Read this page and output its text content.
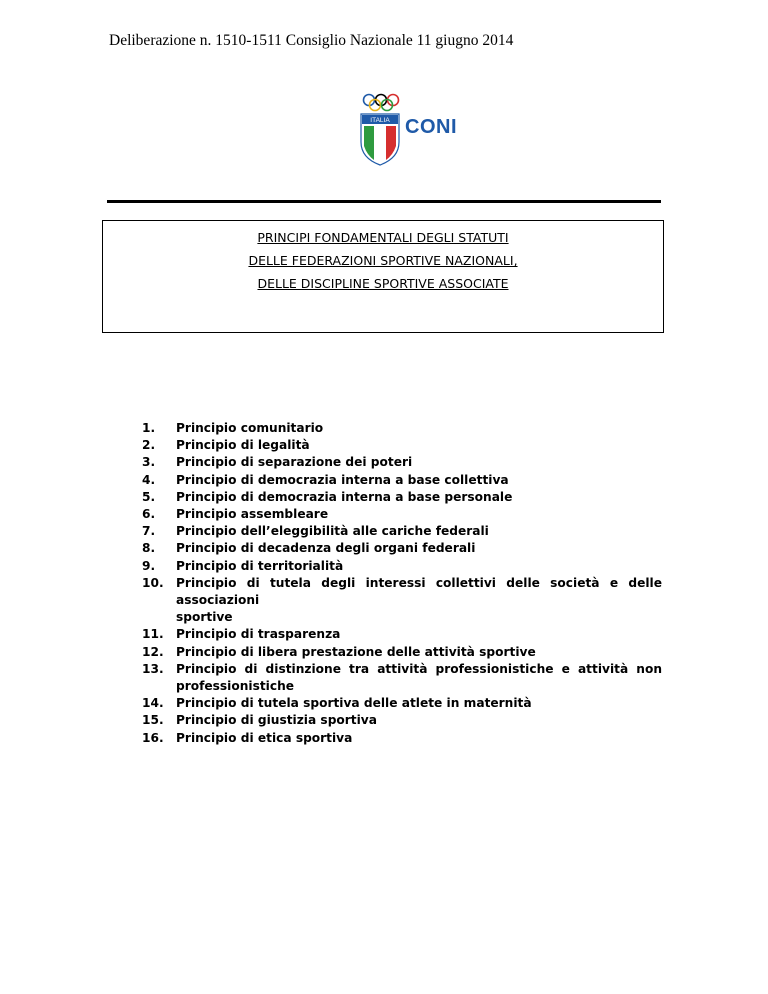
Deliberazione n. 1510-1511 Consiglio Nazionale 11 giugno 2014
ITALIA CONI
PRINCIPI FONDAMENTALI DEGLI STATUTI
DELLE FEDERAZIONI SPORTIVE NAZIONALI,
DELLE DISCIPLINE SPORTIVE ASSOCIATE
1. Principio comunitario
2. Principio di legalità
3. Principio di separazione dei poteri
4. Principio di democrazia interna a base collettiva
5. Principio di democrazia interna a base personale
6. Principio assembleare
7. Principio dell’eleggibilità alle cariche federali
8. Principio di decadenza degli organi federali
9. Principio di territorialità
10. Principio di tutela degli interessi collettivi delle società e delle associazioni
sportive
11. Principio di trasparenza
12. Principio di libera prestazione delle attività sportive
13. Principio di distinzione tra attività professionistiche e attività non
professionistiche
14. Principio di tutela sportiva delle atlete in maternità
15. Principio di giustizia sportiva
16. Principio di etica sportiva
